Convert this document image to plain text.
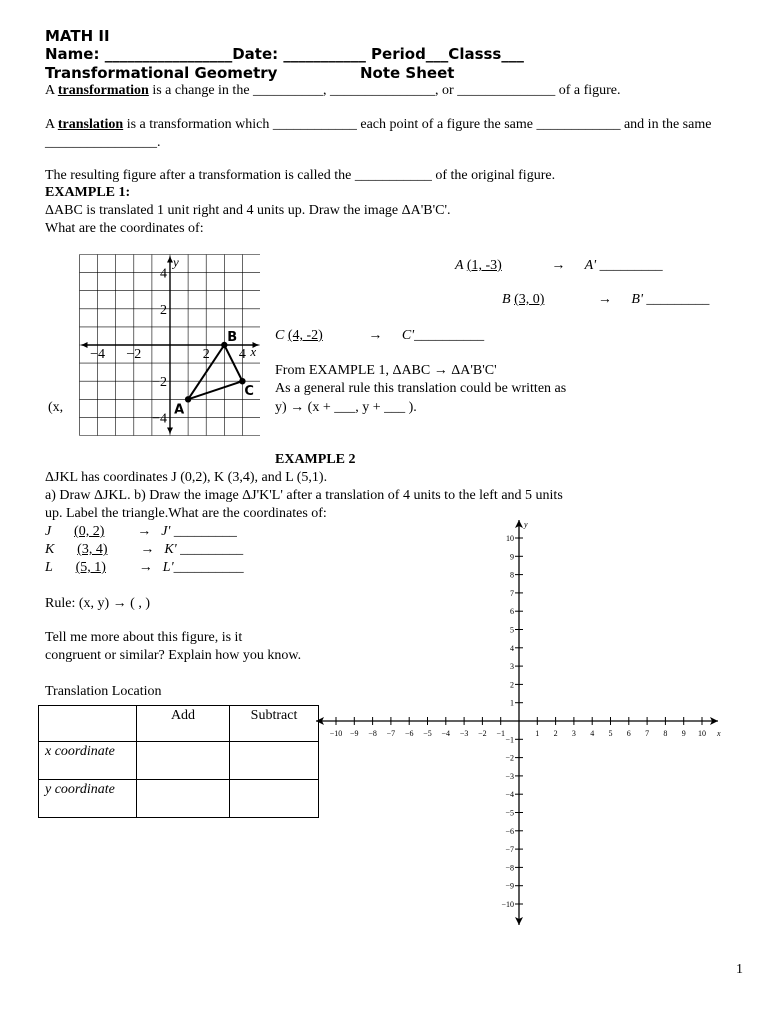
MATH II
Name: _________________Date: ___________ Period___Classs___
Transformational Geometry	Note Sheet
A transformation is a change in the __________, _______________, or ______________ of a figure.
A translation is a transformation which ____________ each point of a figure the same ____________ and in the same
________________.
The resulting figure after a transformation is called the ___________ of the original figure.
EXAMPLE 1:
ΔABC is translated 1 unit right and 4 units up. Draw the image ΔA'B'C'.
What are the coordinates of:
4
2
−2
−4
−4 −2	2 4
y
x
A
B
C
A (1, -3)	→ A' _________
B (3, 0)	→ B' _________
C (4, -2)	→ C'__________
From EXAMPLE 1, ΔABC → ΔA'B'C'
As a general rule this translation could be written as
(x,	y) → (x + ___, y + ___ ).
EXAMPLE 2
ΔJKL has coordinates J (0,2), K (3,4), and L (5,1).
a) Draw ΔJKL. b) Draw the image ΔJ'K'L' after a translation of 4 units to the left and 5 units
up. Label the triangle.What are the coordinates of:
J (0, 2) → J' _________
K (3, 4) → K' _________
L (5, 1) → L'__________
Rule: (x, y) → ( , )
Tell me more about this figure, is it
congruent or similar? Explain how you know.
Translation Location
	Add	Subtract
x coordinate		
y coordinate		
−10 −9 −8 −7 −6 −5 −4 −3 −2 −1	1 2 3 4 5 6 7 8 9 10
10
9
8
7
6
5
4
3
2
1
−1
−2
−3
−4
−5
−6
−7
−8
−9
−10
x
y
1
